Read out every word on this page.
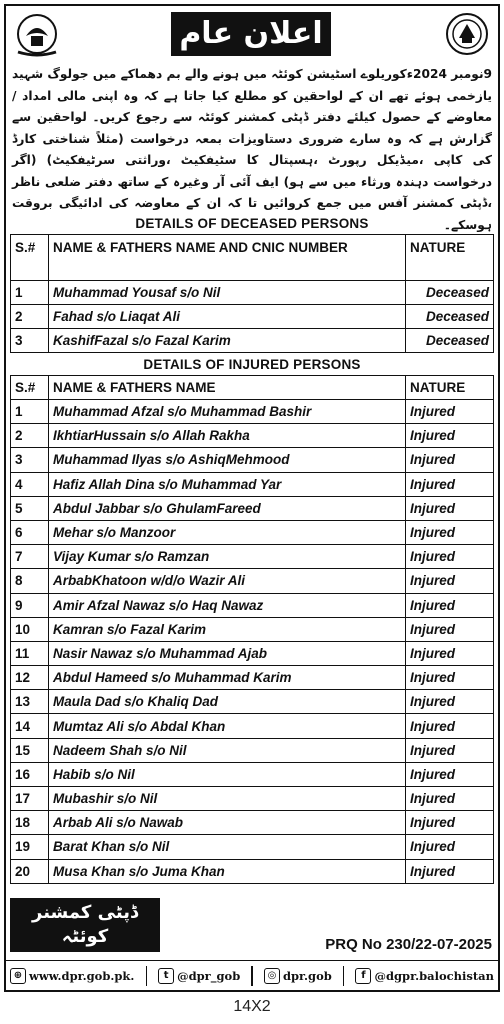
اعلان عام
9نومبر 2024ءکوریلوے اسٹیشن کوئٹہ میں ہونے والے بم دھماکے میں جولوگ شہید یازخمی ہوئے تھے ان کے لواحقین کو مطلع کیا جاتا ہے کہ وہ اپنی مالی امداد / معاوضے کے حصول کیلئے دفتر ڈپٹی کمشنر کوئٹہ سے رجوع کریں۔ لواحقین سے گزارش ہے کہ وہ سارے ضروری دستاویزات بمعہ درخواست (مثلاً شناختی کارڈ کی کاپی ،میڈیکل رپورٹ ،ہسپتال کا سٹیفکیٹ ،وراثتی سرٹیفکیٹ) (اگر درخواست دہندہ ورثاء میں سے ہو) ایف آئی آر وغیرہ کے ساتھ دفتر ضلعی ناظر ،ڈپٹی کمشنر آفس میں جمع کروائیں تا کہ ان کے معاوضہ کی ادائیگی بروقت ہوسکے۔
DETAILS OF DECEASED PERSONS
S.#	NAME & FATHERS NAME AND CNIC NUMBER	NATURE
1	Muhammad Yousaf s/o Nil	Deceased
2	Fahad s/o Liaqat Ali	Deceased
3	KashifFazal s/o Fazal Karim	Deceased
DETAILS OF INJURED PERSONS
S.#	NAME & FATHERS NAME	NATURE
1	Muhammad Afzal s/o Muhammad Bashir	Injured
2	IkhtiarHussain s/o Allah Rakha	Injured
3	Muhammad Ilyas s/o AshiqMehmood	Injured
4	Hafiz Allah Dina s/o Muhammad Yar	Injured
5	Abdul Jabbar s/o GhulamFareed	Injured
6	Mehar s/o Manzoor	Injured
7	Vijay Kumar s/o Ramzan	Injured
8	ArbabKhatoon w/d/o Wazir Ali	Injured
9	Amir Afzal Nawaz s/o Haq Nawaz	Injured
10	Kamran s/o Fazal Karim	Injured
11	Nasir Nawaz s/o Muhammad Ajab	Injured
12	Abdul Hameed s/o Muhammad Karim	Injured
13	Maula Dad s/o Khaliq Dad	Injured
14	Mumtaz Ali s/o Abdal Khan	Injured
15	Nadeem Shah s/o Nil	Injured
16	Habib s/o Nil	Injured
17	Mubashir s/o Nil	Injured
18	Arbab Ali s/o Nawab	Injured
19	Barat Khan s/o Nil	Injured
20	Musa Khan s/o Juma Khan	Injured
ڈپٹی کمشنر
کوئٹہ	PRQ No 230/22-07-2025
⊕ www.dpr.gob.pk.	t @dpr_gob	◎ dpr.gob	f @dgpr.balochistan
14X2
